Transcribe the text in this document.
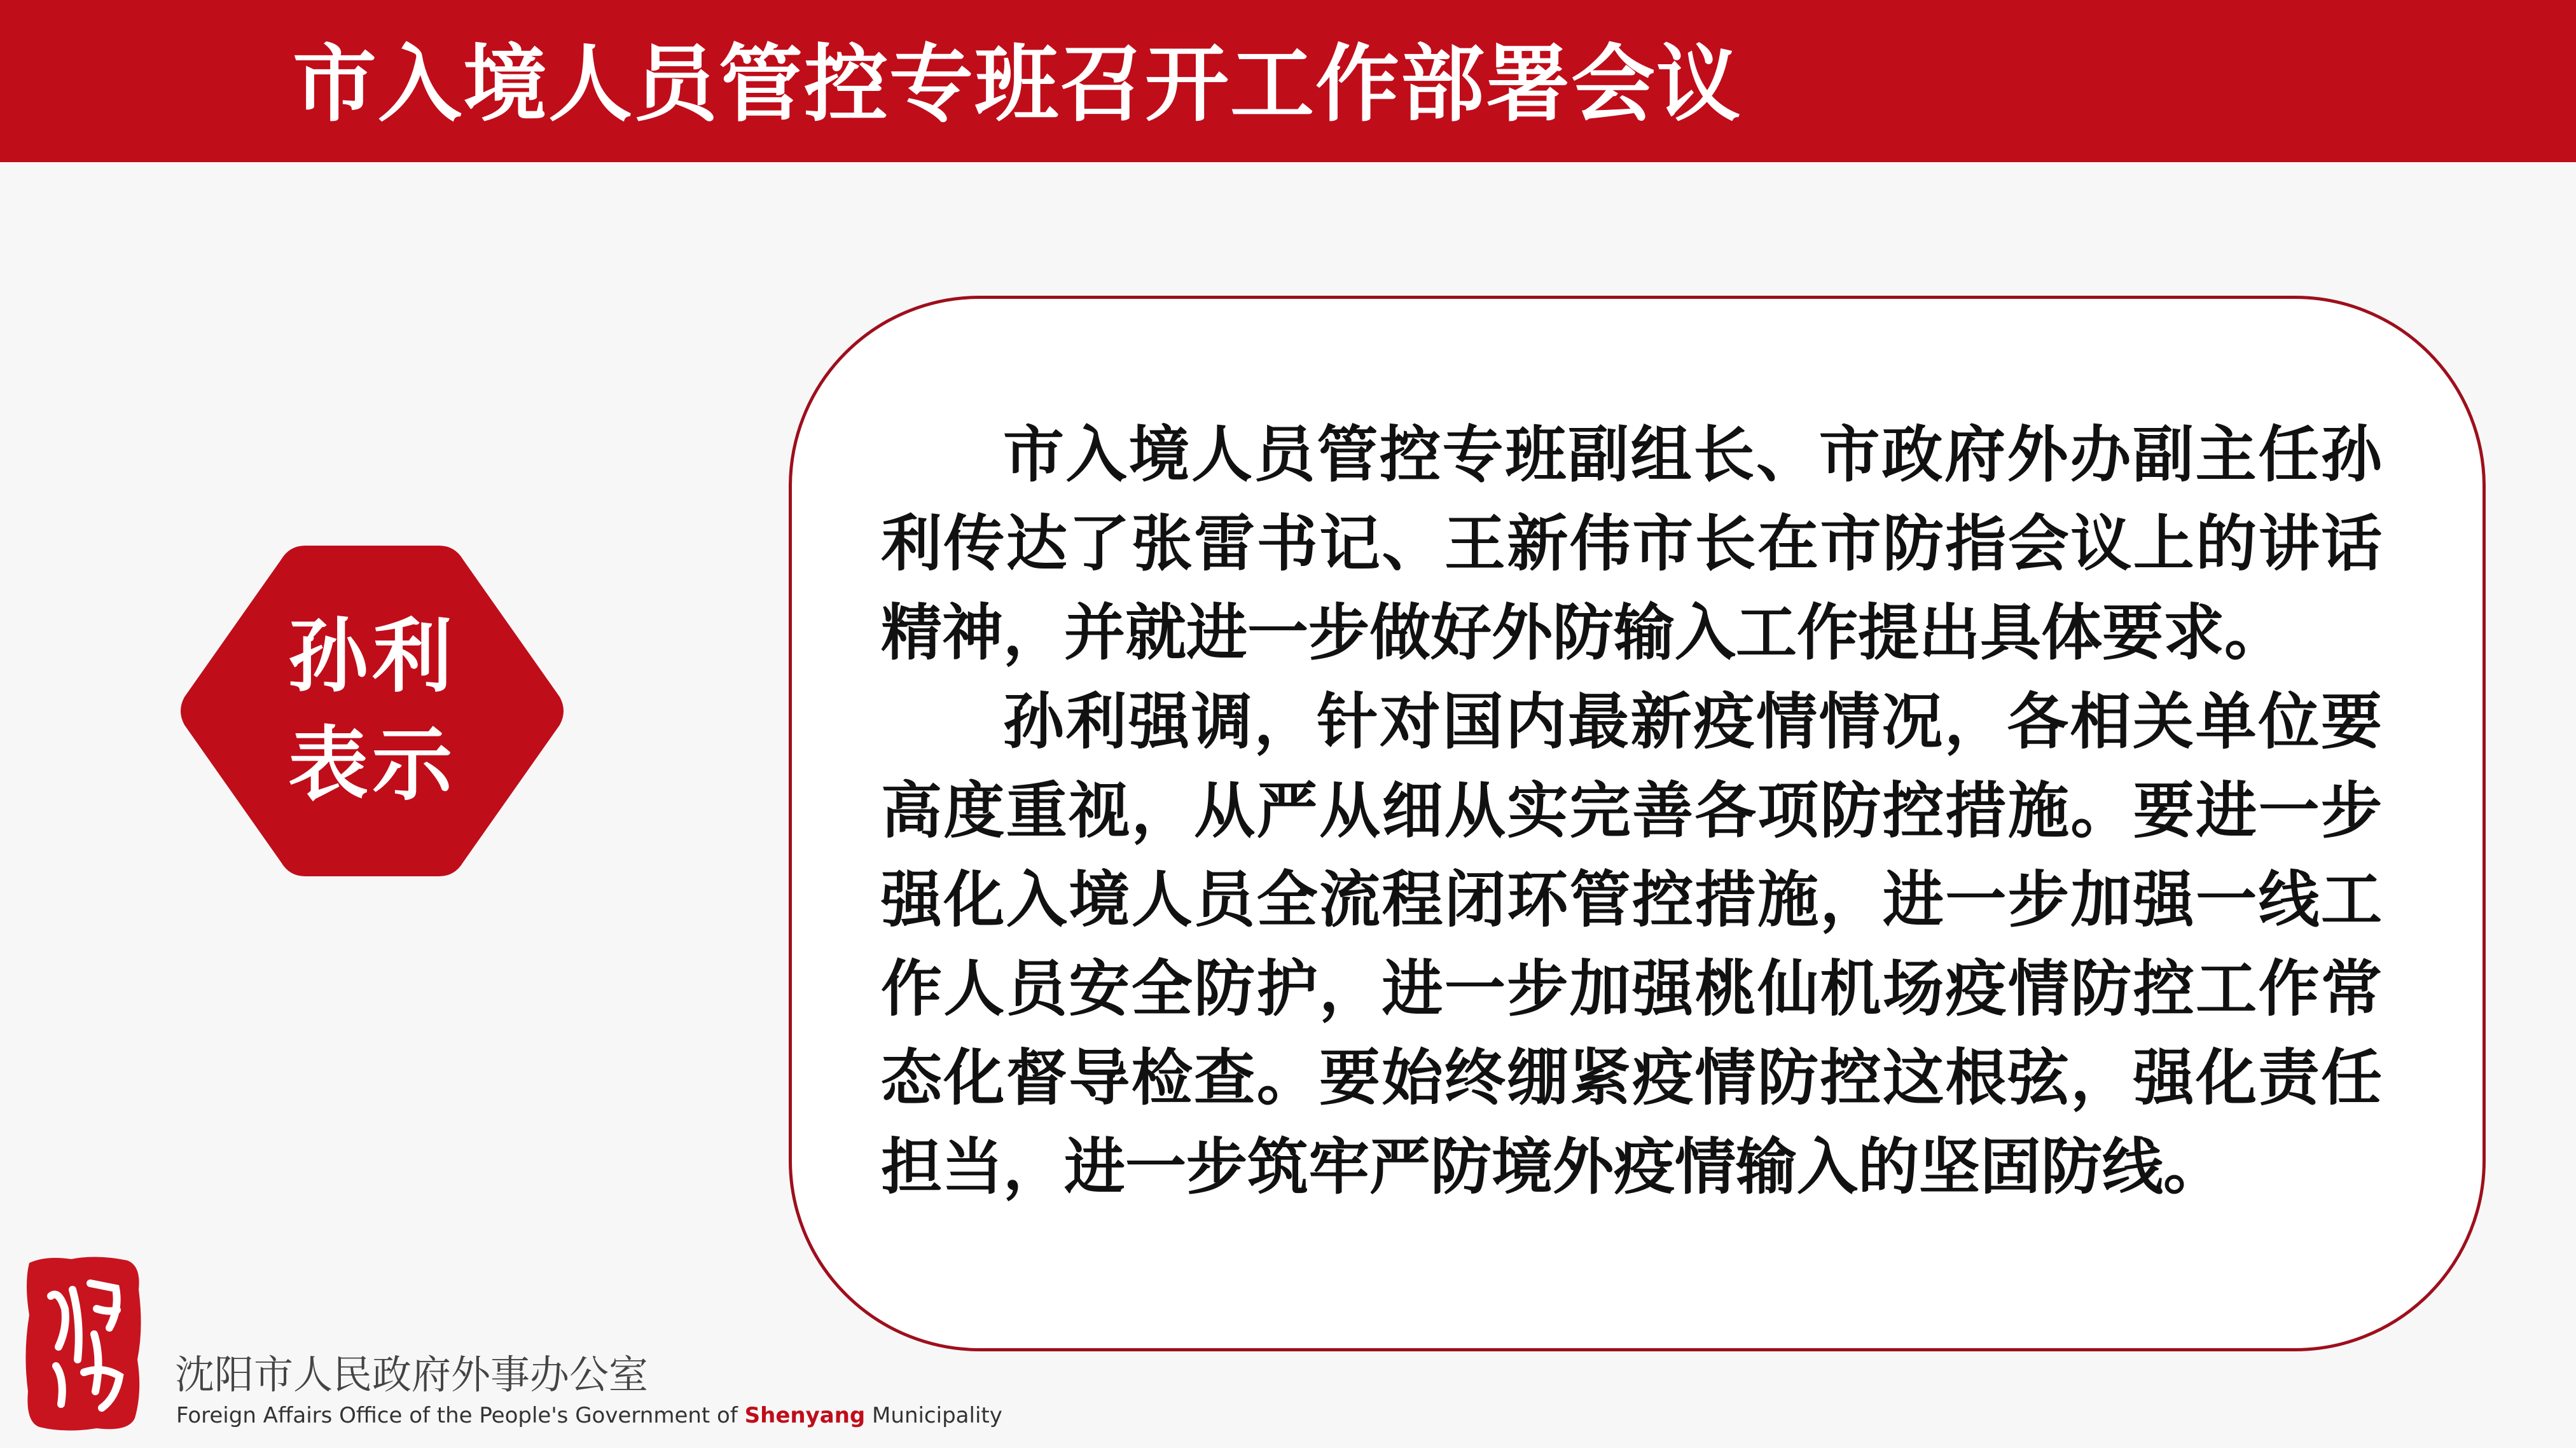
市入境人员管控专班召开工作部署会议
孙利
表示

市入境人员管控专班副组长、市政府外办副主任孙利传达了张雷书记、王新伟市长在市防指会议上的讲话精神，并就进一步做好外防输入工作提出具体要求。

孙利强调，针对国内最新疫情情况，各相关单位要高度重视，从严从细从实完善各项防控措施。要进一步强化入境人员全流程闭环管控措施，进一步加强一线工作人员安全防护，进一步加强桃仙机场疫情防控工作常态化督导检查。要始终绷紧疫情防控这根弦，强化责任担当，进一步筑牢严防境外疫情输入的坚固防线。

沈阳市人民政府外事办公室
Foreign Affairs Office of the People's Government of Shenyang Municipality
